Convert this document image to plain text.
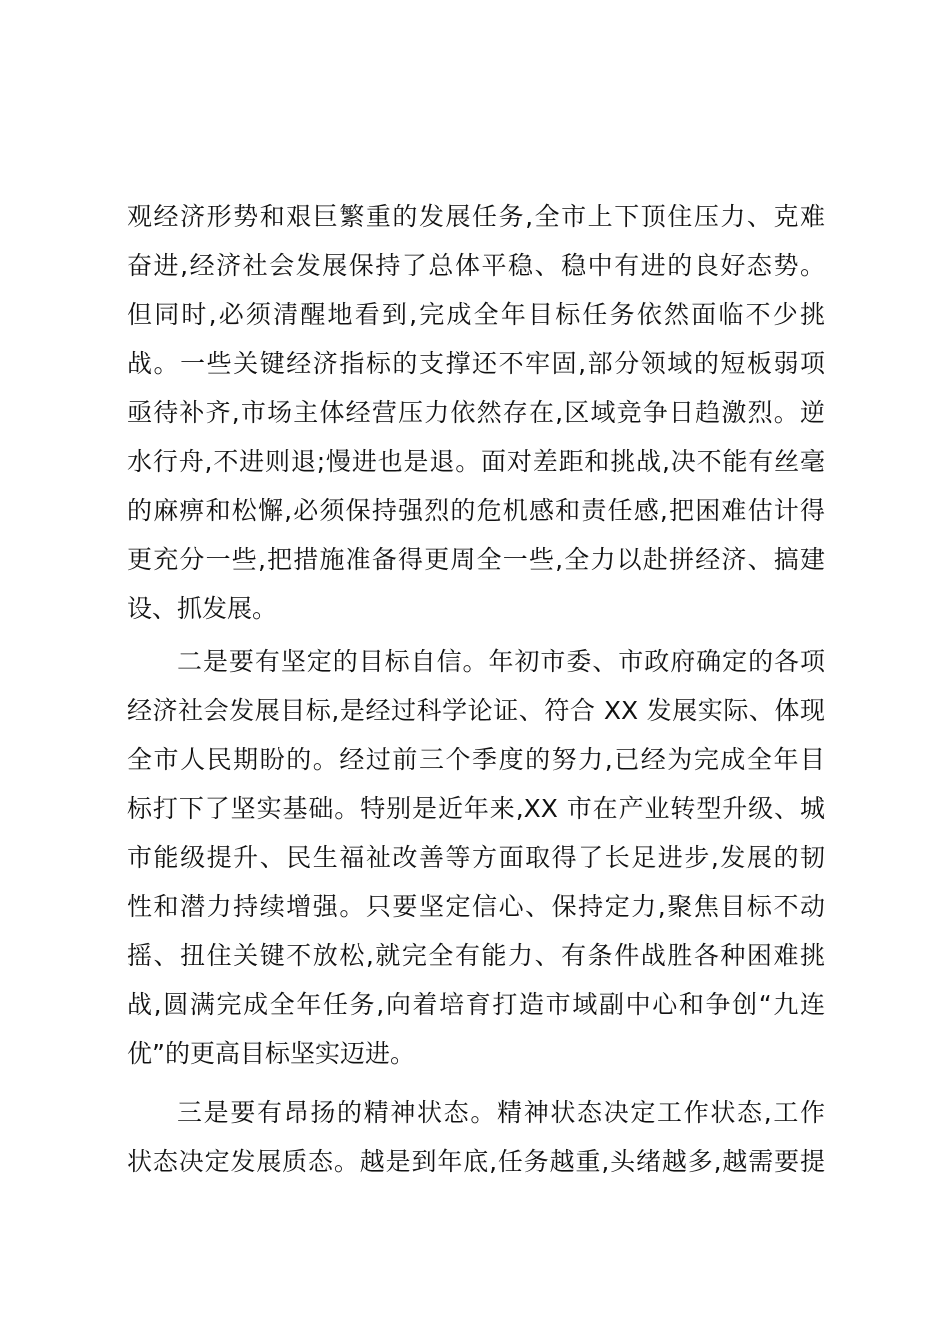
观经济形势和艰巨繁重的发展任务,全市上下顶住压力、克难
奋进,经济社会发展保持了总体平稳、稳中有进的良好态势。
但同时,必须清醒地看到,完成全年目标任务依然面临不少挑
战。一些关键经济指标的支撑还不牢固,部分领域的短板弱项
亟待补齐,市场主体经营压力依然存在,区域竞争日趋激烈。逆
水行舟,不进则退;慢进也是退。面对差距和挑战,决不能有丝毫
的麻痹和松懈,必须保持强烈的危机感和责任感,把困难估计得
更充分一些,把措施准备得更周全一些,全力以赴拼经济、搞建
设、抓发展。
二是要有坚定的目标自信。年初市委、市政府确定的各项
经济社会发展目标,是经过科学论证、符合 XX 发展实际、体现
全市人民期盼的。经过前三个季度的努力,已经为完成全年目
标打下了坚实基础。特别是近年来,XX 市在产业转型升级、城
市能级提升、民生福祉改善等方面取得了长足进步,发展的韧
性和潜力持续增强。只要坚定信心、保持定力,聚焦目标不动
摇、扭住关键不放松,就完全有能力、有条件战胜各种困难挑
战,圆满完成全年任务,向着培育打造市域副中心和争创“九连
优”的更高目标坚实迈进。
三是要有昂扬的精神状态。精神状态决定工作状态,工作
状态决定发展质态。越是到年底,任务越重,头绪越多,越需要提
